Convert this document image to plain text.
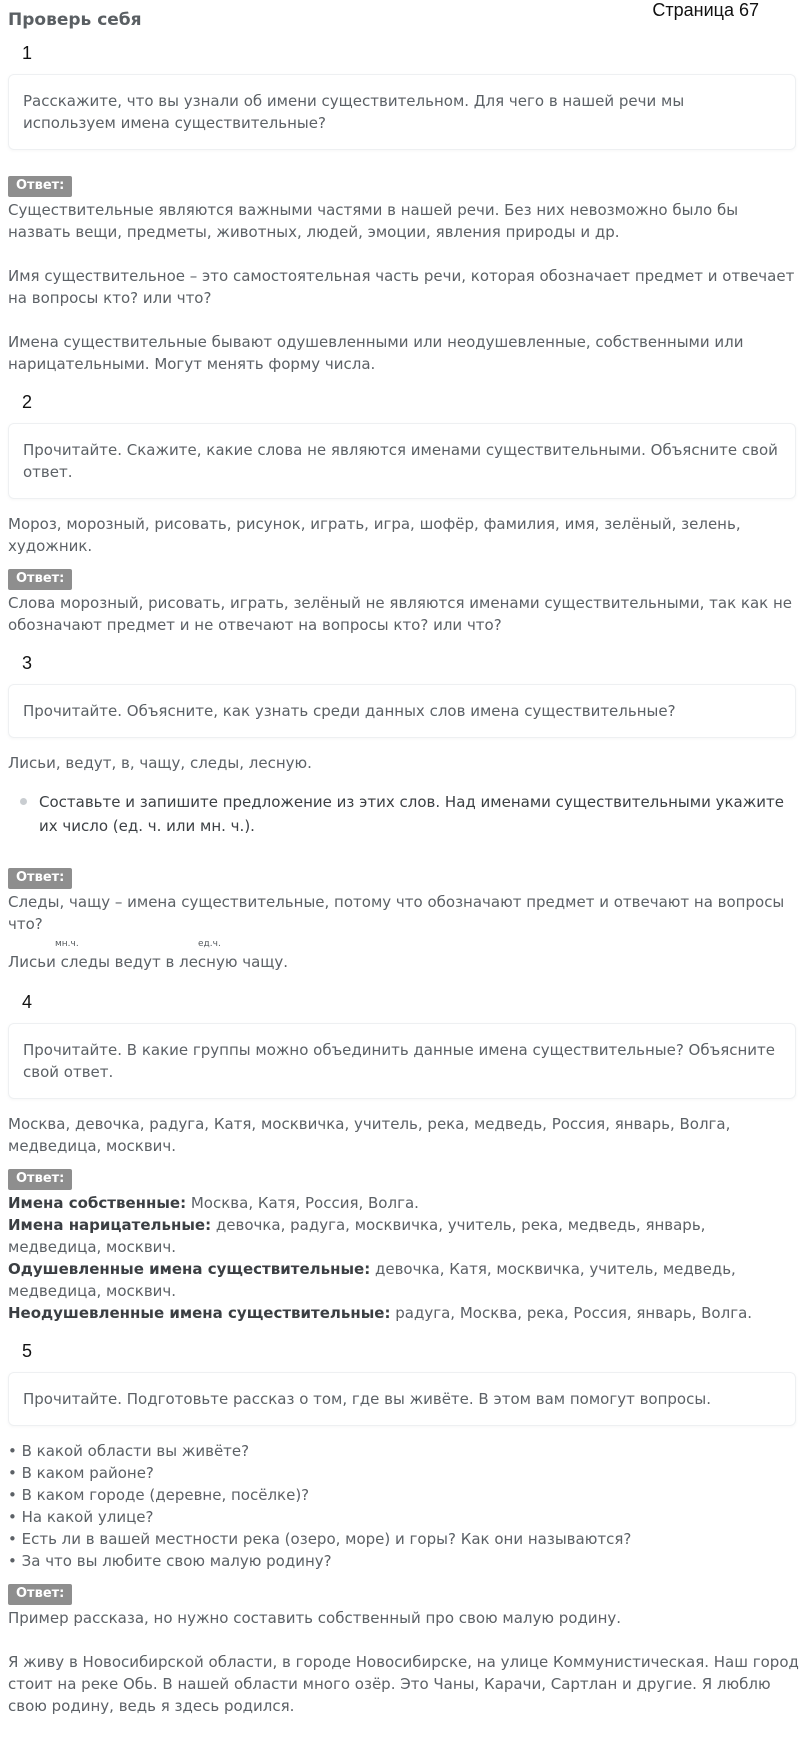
Проверь себя	Страница 67
1
Расскажите, что вы узнали об имени существительном. Для чего в нашей речи мы используем имена существительные?
Ответ:

Существительные являются важными частями в нашей речи. Без них невозможно было бы назвать вещи, предметы, животных, людей, эмоции, явления природы и др.

Имя существительное – это самостоятельная часть речи, которая обозначает предмет и отвечает на вопросы кто? или что?

Имена существительные бывают одушевленными или неодушевленные, собственными или нарицательными. Могут менять форму числа.

2
Прочитайте. Скажите, какие слова не являются именами существительными. Объясните свой ответ.

Мороз, морозный, рисовать, рисунок, играть, игра, шофёр, фамилия, имя, зелёный, зелень, художник.

Ответ:

Слова морозный, рисовать, играть, зелёный не являются именами существительными, так как не обозначают предмет и не отвечают на вопросы кто? или что?

3
Прочитайте. Объясните, как узнать среди данных слов имена существительные?

Лисьи, ведут, в, чащу, следы, лесную.

Составьте и запишите предложение из этих слов. Над именами существительными укажите их число (ед. ч. или мн. ч.).
Ответ:

Следы, чащу – имена существительные, потому что обозначают предмет и отвечают на вопросы что?

мн.ч.	ед.ч.

Лисьи следы ведут в лесную чащу.

4
Прочитайте. В какие группы можно объединить данные имена существительные? Объясните свой ответ.

Москва, девочка, радуга, Катя, москвичка, учитель, река, медведь, Россия, январь, Волга, медведица, москвич.

Ответ:

Имена собственные: Москва, Катя, Россия, Волга.

Имена нарицательные: девочка, радуга, москвичка, учитель, река, медведь, январь, медведица, москвич.

Одушевленные имена существительные: девочка, Катя, москвичка, учитель, медведь, медведица, москвич.

Неодушевленные имена существительные: радуга, Москва, река, Россия, январь, Волга.

5
Прочитайте. Подготовьте рассказ о том, где вы живёте. В этом вам помогут вопросы.
• В какой области вы живёте?
• В каком районе?
• В каком городе (деревне, посёлке)?
• На какой улице?
• Есть ли в вашей местности река (озеро, море) и горы? Как они называются?
• За что вы любите свою малую родину?
Ответ:

Пример рассказа, но нужно составить собственный про свою малую родину.

Я живу в Новосибирской области, в городе Новосибирске, на улице Коммунистическая. Наш город стоит на реке Обь. В нашей области много озёр. Это Чаны, Карачи, Сартлан и другие. Я люблю свою родину, ведь я здесь родился.
